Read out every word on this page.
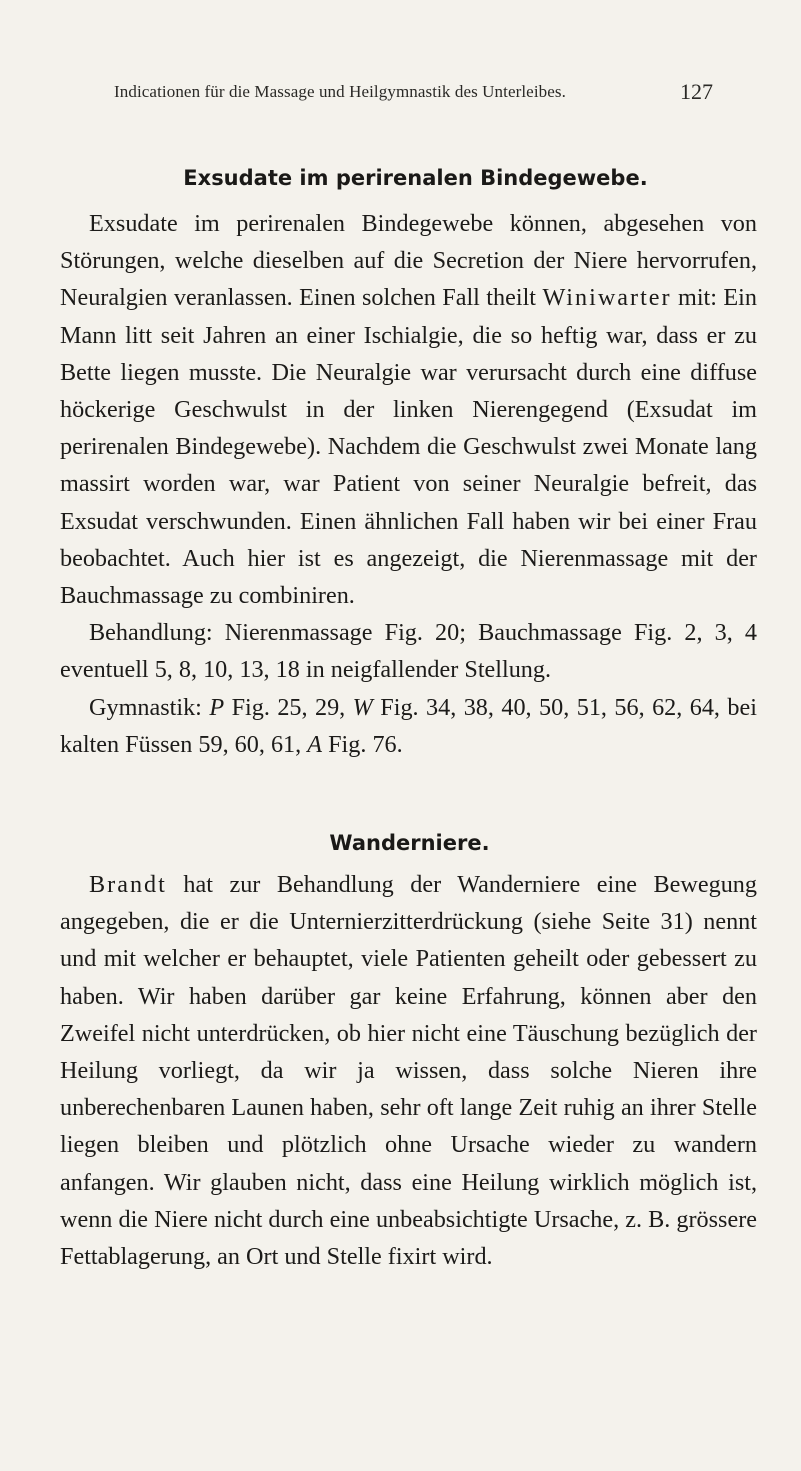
Indicationen für die Massage und Heilgymnastik des Unterleibes.	127
Exsudate im perirenalen Bindegewebe.

Exsudate im perirenalen Bindegewebe können, abgesehen von Störungen, welche dieselben auf die Secretion der Niere hervorrufen, Neuralgien veranlassen. Einen solchen Fall theilt Winiwarter mit: Ein Mann litt seit Jahren an einer Ischialgie, die so heftig war, dass er zu Bette liegen musste. Die Neuralgie war verursacht durch eine diffuse höckerige Geschwulst in der linken Nierengegend (Exsudat im perirenalen Bindegewebe). Nachdem die Geschwulst zwei Monate lang massirt worden war, war Patient von seiner Neuralgie befreit, das Exsudat verschwunden. Einen ähnlichen Fall haben wir bei einer Frau beobachtet. Auch hier ist es angezeigt, die Nierenmassage mit der Bauchmassage zu combiniren.

Behandlung: Nierenmassage Fig. 20; Bauchmassage Fig. 2, 3, 4 eventuell 5, 8, 10, 13, 18 in neigfallender Stellung.

Gymnastik: P Fig. 25, 29, W Fig. 34, 38, 40, 50, 51, 56, 62, 64, bei kalten Füssen 59, 60, 61, A Fig. 76.

Wanderniere.

Brandt hat zur Behandlung der Wanderniere eine Bewegung angegeben, die er die Unternierzitterdrückung (siehe Seite 31) nennt und mit welcher er behauptet, viele Patienten geheilt oder gebessert zu haben. Wir haben darüber gar keine Erfahrung, können aber den Zweifel nicht unterdrücken, ob hier nicht eine Täuschung bezüglich der Heilung vorliegt, da wir ja wissen, dass solche Nieren ihre unberechenbaren Launen haben, sehr oft lange Zeit ruhig an ihrer Stelle liegen bleiben und plötzlich ohne Ursache wieder zu wandern anfangen. Wir glauben nicht, dass eine Heilung wirklich möglich ist, wenn die Niere nicht durch eine unbeabsichtigte Ursache, z. B. grössere Fettablagerung, an Ort und Stelle fixirt wird.
